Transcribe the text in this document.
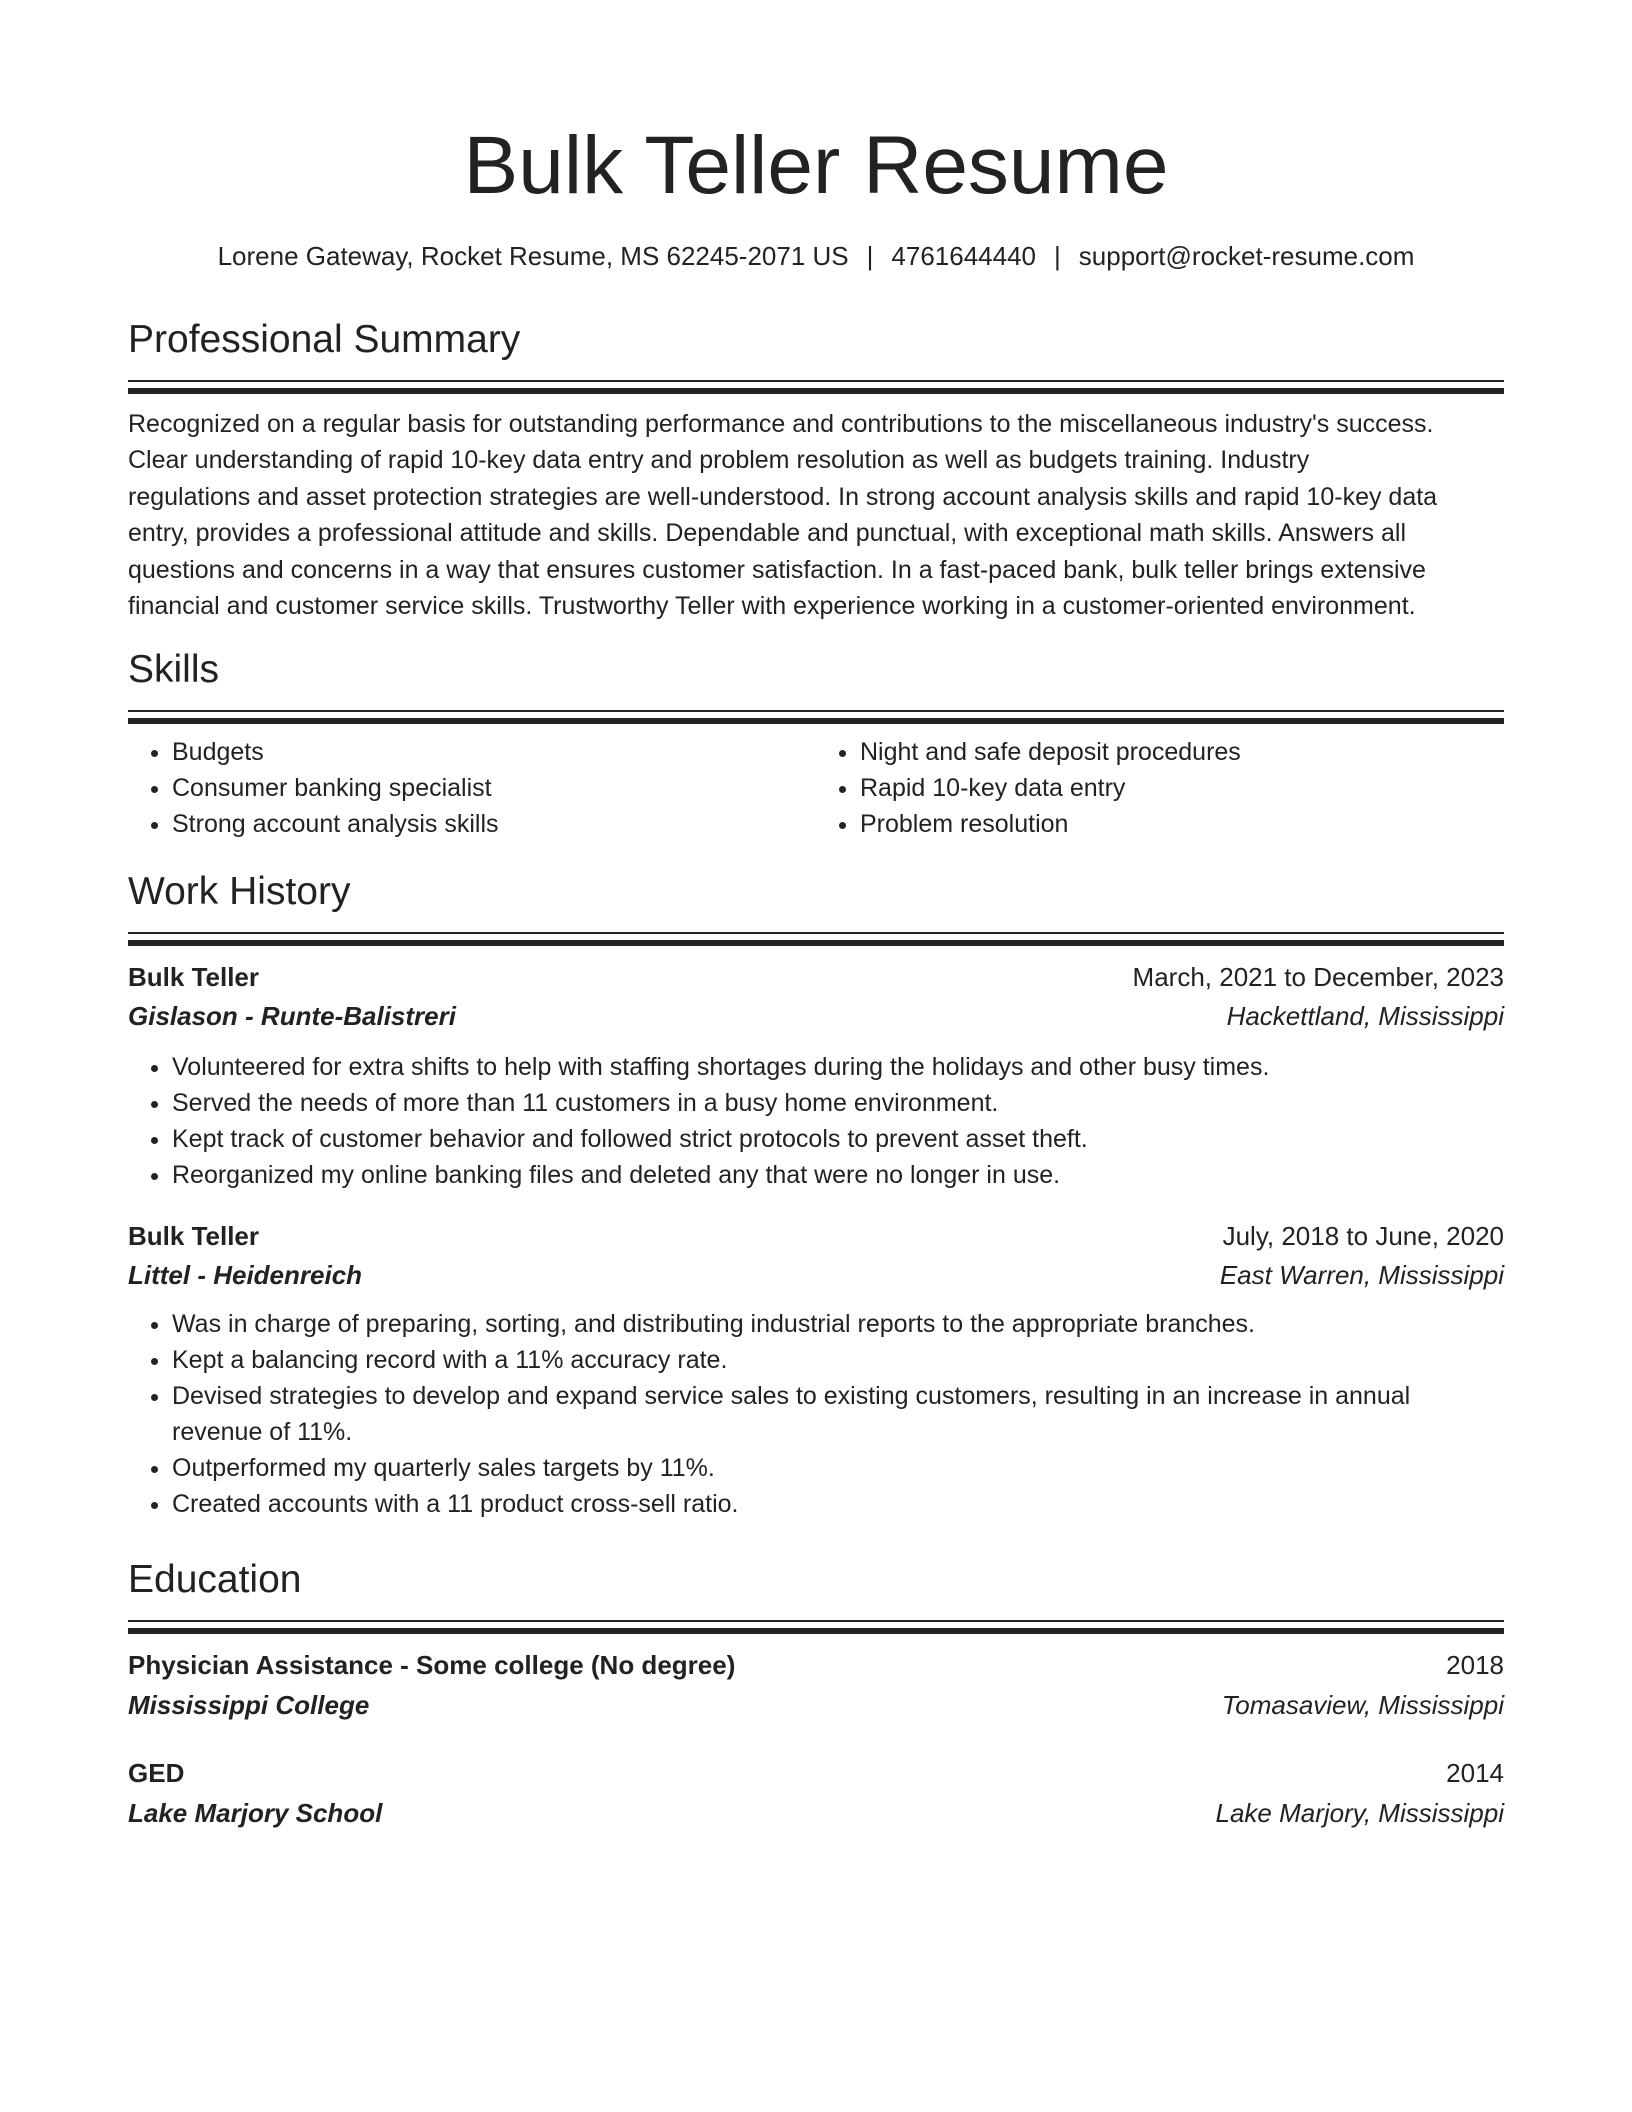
Bulk Teller Resume
Lorene Gateway, Rocket Resume, MS 62245-2071 US | 4761644440 | support@rocket-resume.com
Professional Summary
Recognized on a regular basis for outstanding performance and contributions to the miscellaneous industry's success.
Clear understanding of rapid 10-key data entry and problem resolution as well as budgets training. Industry
regulations and asset protection strategies are well-understood. In strong account analysis skills and rapid 10-key data
entry, provides a professional attitude and skills. Dependable and punctual, with exceptional math skills. Answers all
questions and concerns in a way that ensures customer satisfaction. In a fast-paced bank, bulk teller brings extensive
financial and customer service skills. Trustworthy Teller with experience working in a customer-oriented environment.
Skills
• Budgets
• Consumer banking specialist
• Strong account analysis skills
• Night and safe deposit procedures
• Rapid 10-key data entry
• Problem resolution
Work History
Bulk Teller	March, 2021 to December, 2023
Gislason - Runte-Balistreri	Hackettland, Mississippi
• Volunteered for extra shifts to help with staffing shortages during the holidays and other busy times.
• Served the needs of more than 11 customers in a busy home environment.
• Kept track of customer behavior and followed strict protocols to prevent asset theft.
• Reorganized my online banking files and deleted any that were no longer in use.
Bulk Teller	July, 2018 to June, 2020
Littel - Heidenreich	East Warren, Mississippi
• Was in charge of preparing, sorting, and distributing industrial reports to the appropriate branches.
• Kept a balancing record with a 11% accuracy rate.
• Devised strategies to develop and expand service sales to existing customers, resulting in an increase in annual revenue of 11%.
• Outperformed my quarterly sales targets by 11%.
• Created accounts with a 11 product cross-sell ratio.
Education
Physician Assistance - Some college (No degree)	2018
Mississippi College	Tomasaview, Mississippi
GED	2014
Lake Marjory School	Lake Marjory, Mississippi
